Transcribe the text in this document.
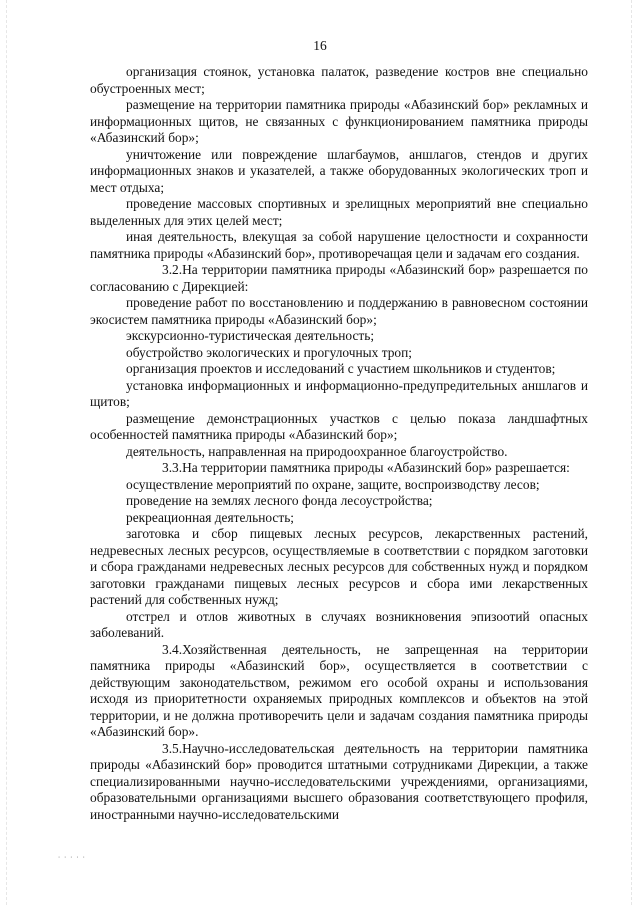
16

организация стоянок, установка палаток, разведение костров вне специально обустроенных мест;

размещение на территории памятника природы «Абазинский бор» рекламных и информационных щитов, не связанных с функционированием памятника природы «Абазинский бор»;

уничтожение или повреждение шлагбаумов, аншлагов, стендов и других информационных знаков и указателей, а также оборудованных экологических троп и мест отдыха;

проведение массовых спортивных и зрелищных мероприятий вне специально выделенных для этих целей мест;

иная деятельность, влекущая за собой нарушение целостности и сохранности памятника природы «Абазинский бор», противоречащая цели и задачам его создания.

3.2.На территории памятника природы «Абазинский бор» разрешается по согласованию с Дирекцией:

проведение работ по восстановлению и поддержанию в равновесном состоянии экосистем памятника природы «Абазинский бор»;

экскурсионно-туристическая деятельность;

обустройство экологических и прогулочных троп;

организация проектов и исследований с участием школьников и студентов;

установка информационных и информационно-предупредительных аншлагов и щитов;

размещение демонстрационных участков с целью показа ландшафтных особенностей памятника природы «Абазинский бор»;

деятельность, направленная на природоохранное благоустройство.

3.3.На территории памятника природы «Абазинский бор» разрешается:

осуществление мероприятий по охране, защите, воспроизводству лесов;

проведение на землях лесного фонда лесоустройства;

рекреационная деятельность;

заготовка и сбор пищевых лесных ресурсов, лекарственных растений, недревесных лесных ресурсов, осуществляемые в соответствии с порядком заготовки и сбора гражданами недревесных лесных ресурсов для собственных нужд и порядком заготовки гражданами пищевых лесных ресурсов и сбора ими лекарственных растений для собственных нужд;

отстрел и отлов животных в случаях возникновения эпизоотий опасных заболеваний.

3.4.Хозяйственная деятельность, не запрещенная на территории памятника природы «Абазинский бор», осуществляется в соответствии с действующим законодательством, режимом его особой охраны и использования исходя из приоритетности охраняемых природных комплексов и объектов на этой территории, и не должна противоречить цели и задачам создания памятника природы «Абазинский бор».

3.5.Научно-исследовательская деятельность на территории памятника природы «Абазинский бор» проводится штатными сотрудниками Дирекции, а также специализированными научно-исследовательскими учреждениями, организациями, образовательными организациями высшего образования соответствующего профиля, иностранными научно-исследовательскими

⸱ ⸱ ⸱ ⸱ ⸱
